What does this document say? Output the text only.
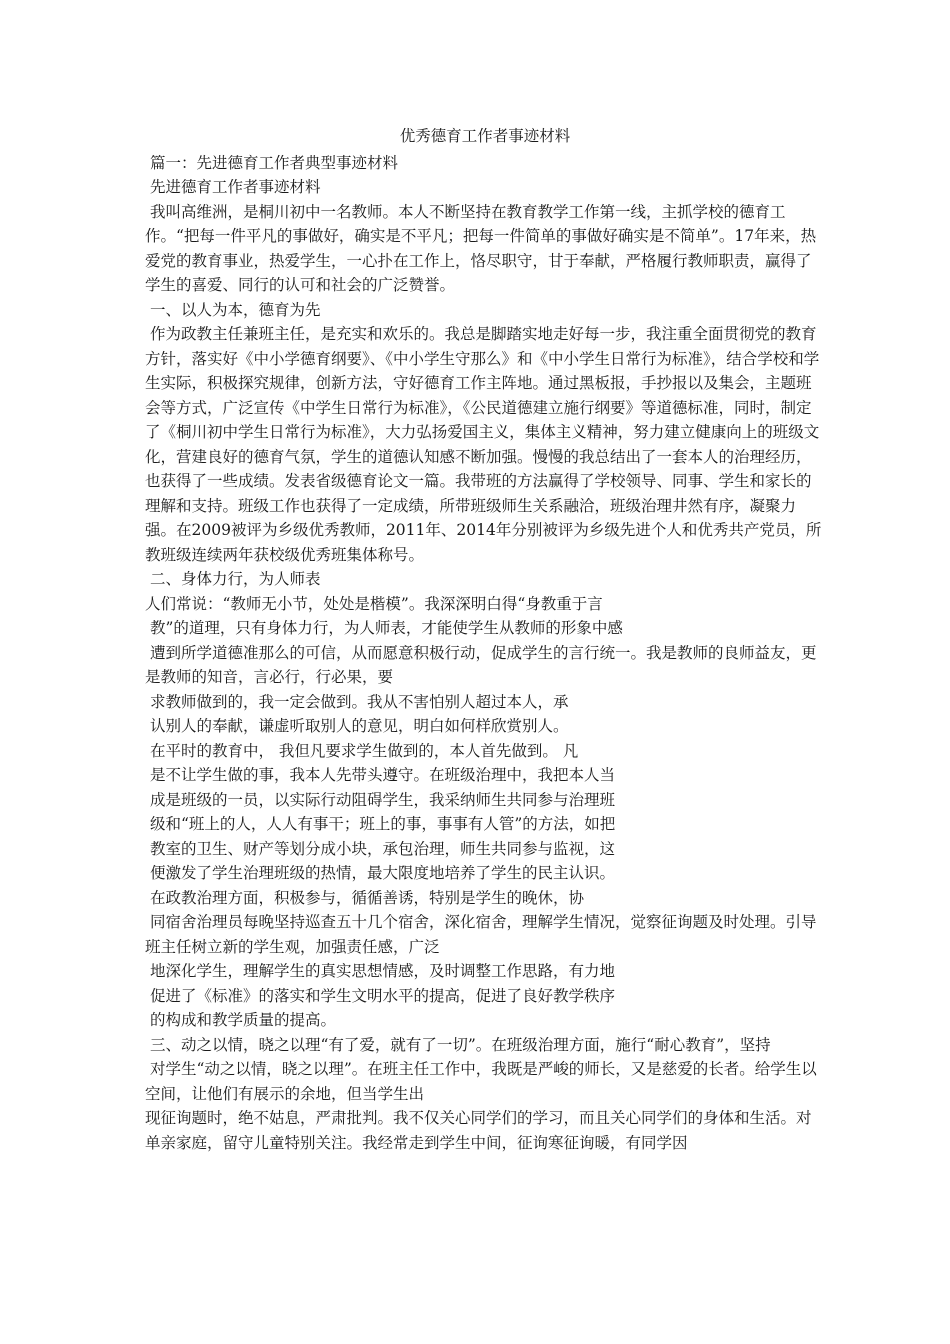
优秀德育工作者事迹材料

篇一：先进德育工作者典型事迹材料

先进德育工作者事迹材料

我叫高维洲，是桐川初中一名教师。本人不断坚持在教育教学工作第一线，主抓学校的德育工作。“把每一件平凡的事做好，确实是不平凡；把每一件简单的事做好确实是不简单”。17年来，热爱党的教育事业，热爱学生，一心扑在工作上，恪尽职守，甘于奉献，严格履行教师职责，赢得了学生的喜爱、同行的认可和社会的广泛赞誉。

一、以人为本，德育为先

作为政教主任兼班主任，是充实和欢乐的。我总是脚踏实地走好每一步，我注重全面贯彻党的教育方针，落实好《中小学德育纲要》、《中小学生守那么》和《中小学生日常行为标准》，结合学校和学生实际，积极探究规律，创新方法，守好德育工作主阵地。通过黑板报，手抄报以及集会，主题班会等方式，广泛宣传《中学生日常行为标准》，《公民道德建立施行纲要》等道德标准，同时，制定了《桐川初中学生日常行为标准》，大力弘扬爱国主义，集体主义精神，努力建立健康向上的班级文化，营建良好的德育气氛，学生的道德认知感不断加强。慢慢的我总结出了一套本人的治理经历，也获得了一些成绩。发表省级德育论文一篇。我带班的方法赢得了学校领导、同事、学生和家长的理解和支持。班级工作也获得了一定成绩，所带班级师生关系融洽，班级治理井然有序，凝聚力强。在2009被评为乡级优秀教师，2011年、2014年分别被评为乡级先进个人和优秀共产党员，所教班级连续两年获校级优秀班集体称号。

二、身体力行，为人师表

人们常说：“教师无小节，处处是楷模”。我深深明白得“身教重于言

教”的道理，只有身体力行，为人师表，才能使学生从教师的形象中感

遭到所学道德准那么的可信，从而愿意积极行动，促成学生的言行统一。我是教师的良师益友，更是教师的知音，言必行，行必果，要

求教师做到的，我一定会做到。我从不害怕别人超过本人，承

认别人的奉献，谦虚听取别人的意见，明白如何样欣赏别人。

在平时的教育中， 我但凡要求学生做到的，本人首先做到。 凡

是不让学生做的事，我本人先带头遵守。在班级治理中，我把本人当

成是班级的一员，以实际行动阻碍学生，我采纳师生共同参与治理班

级和“班上的人，人人有事干；班上的事，事事有人管”的方法，如把

教室的卫生、财产等划分成小块，承包治理，师生共同参与监视，这

便激发了学生治理班级的热情，最大限度地培养了学生的民主认识。

在政教治理方面，积极参与，循循善诱，特别是学生的晚休，协

同宿舍治理员每晚坚持巡查五十几个宿舍，深化宿舍，理解学生情况，觉察征询题及时处理。引导班主任树立新的学生观，加强责任感，广泛

地深化学生，理解学生的真实思想情感，及时调整工作思路，有力地

促进了《标准》的落实和学生文明水平的提高，促进了良好教学秩序

的构成和教学质量的提高。

三、动之以情，晓之以理“有了爱，就有了一切”。在班级治理方面，施行“耐心教育”，坚持

对学生“动之以情，晓之以理”。在班主任工作中，我既是严峻的师长，又是慈爱的长者。给学生以空间，让他们有展示的余地，但当学生出

现征询题时，绝不姑息，严肃批判。我不仅关心同学们的学习，而且关心同学们的身体和生活。对单亲家庭，留守儿童特别关注。我经常走到学生中间，征询寒征询暖，有同学因
